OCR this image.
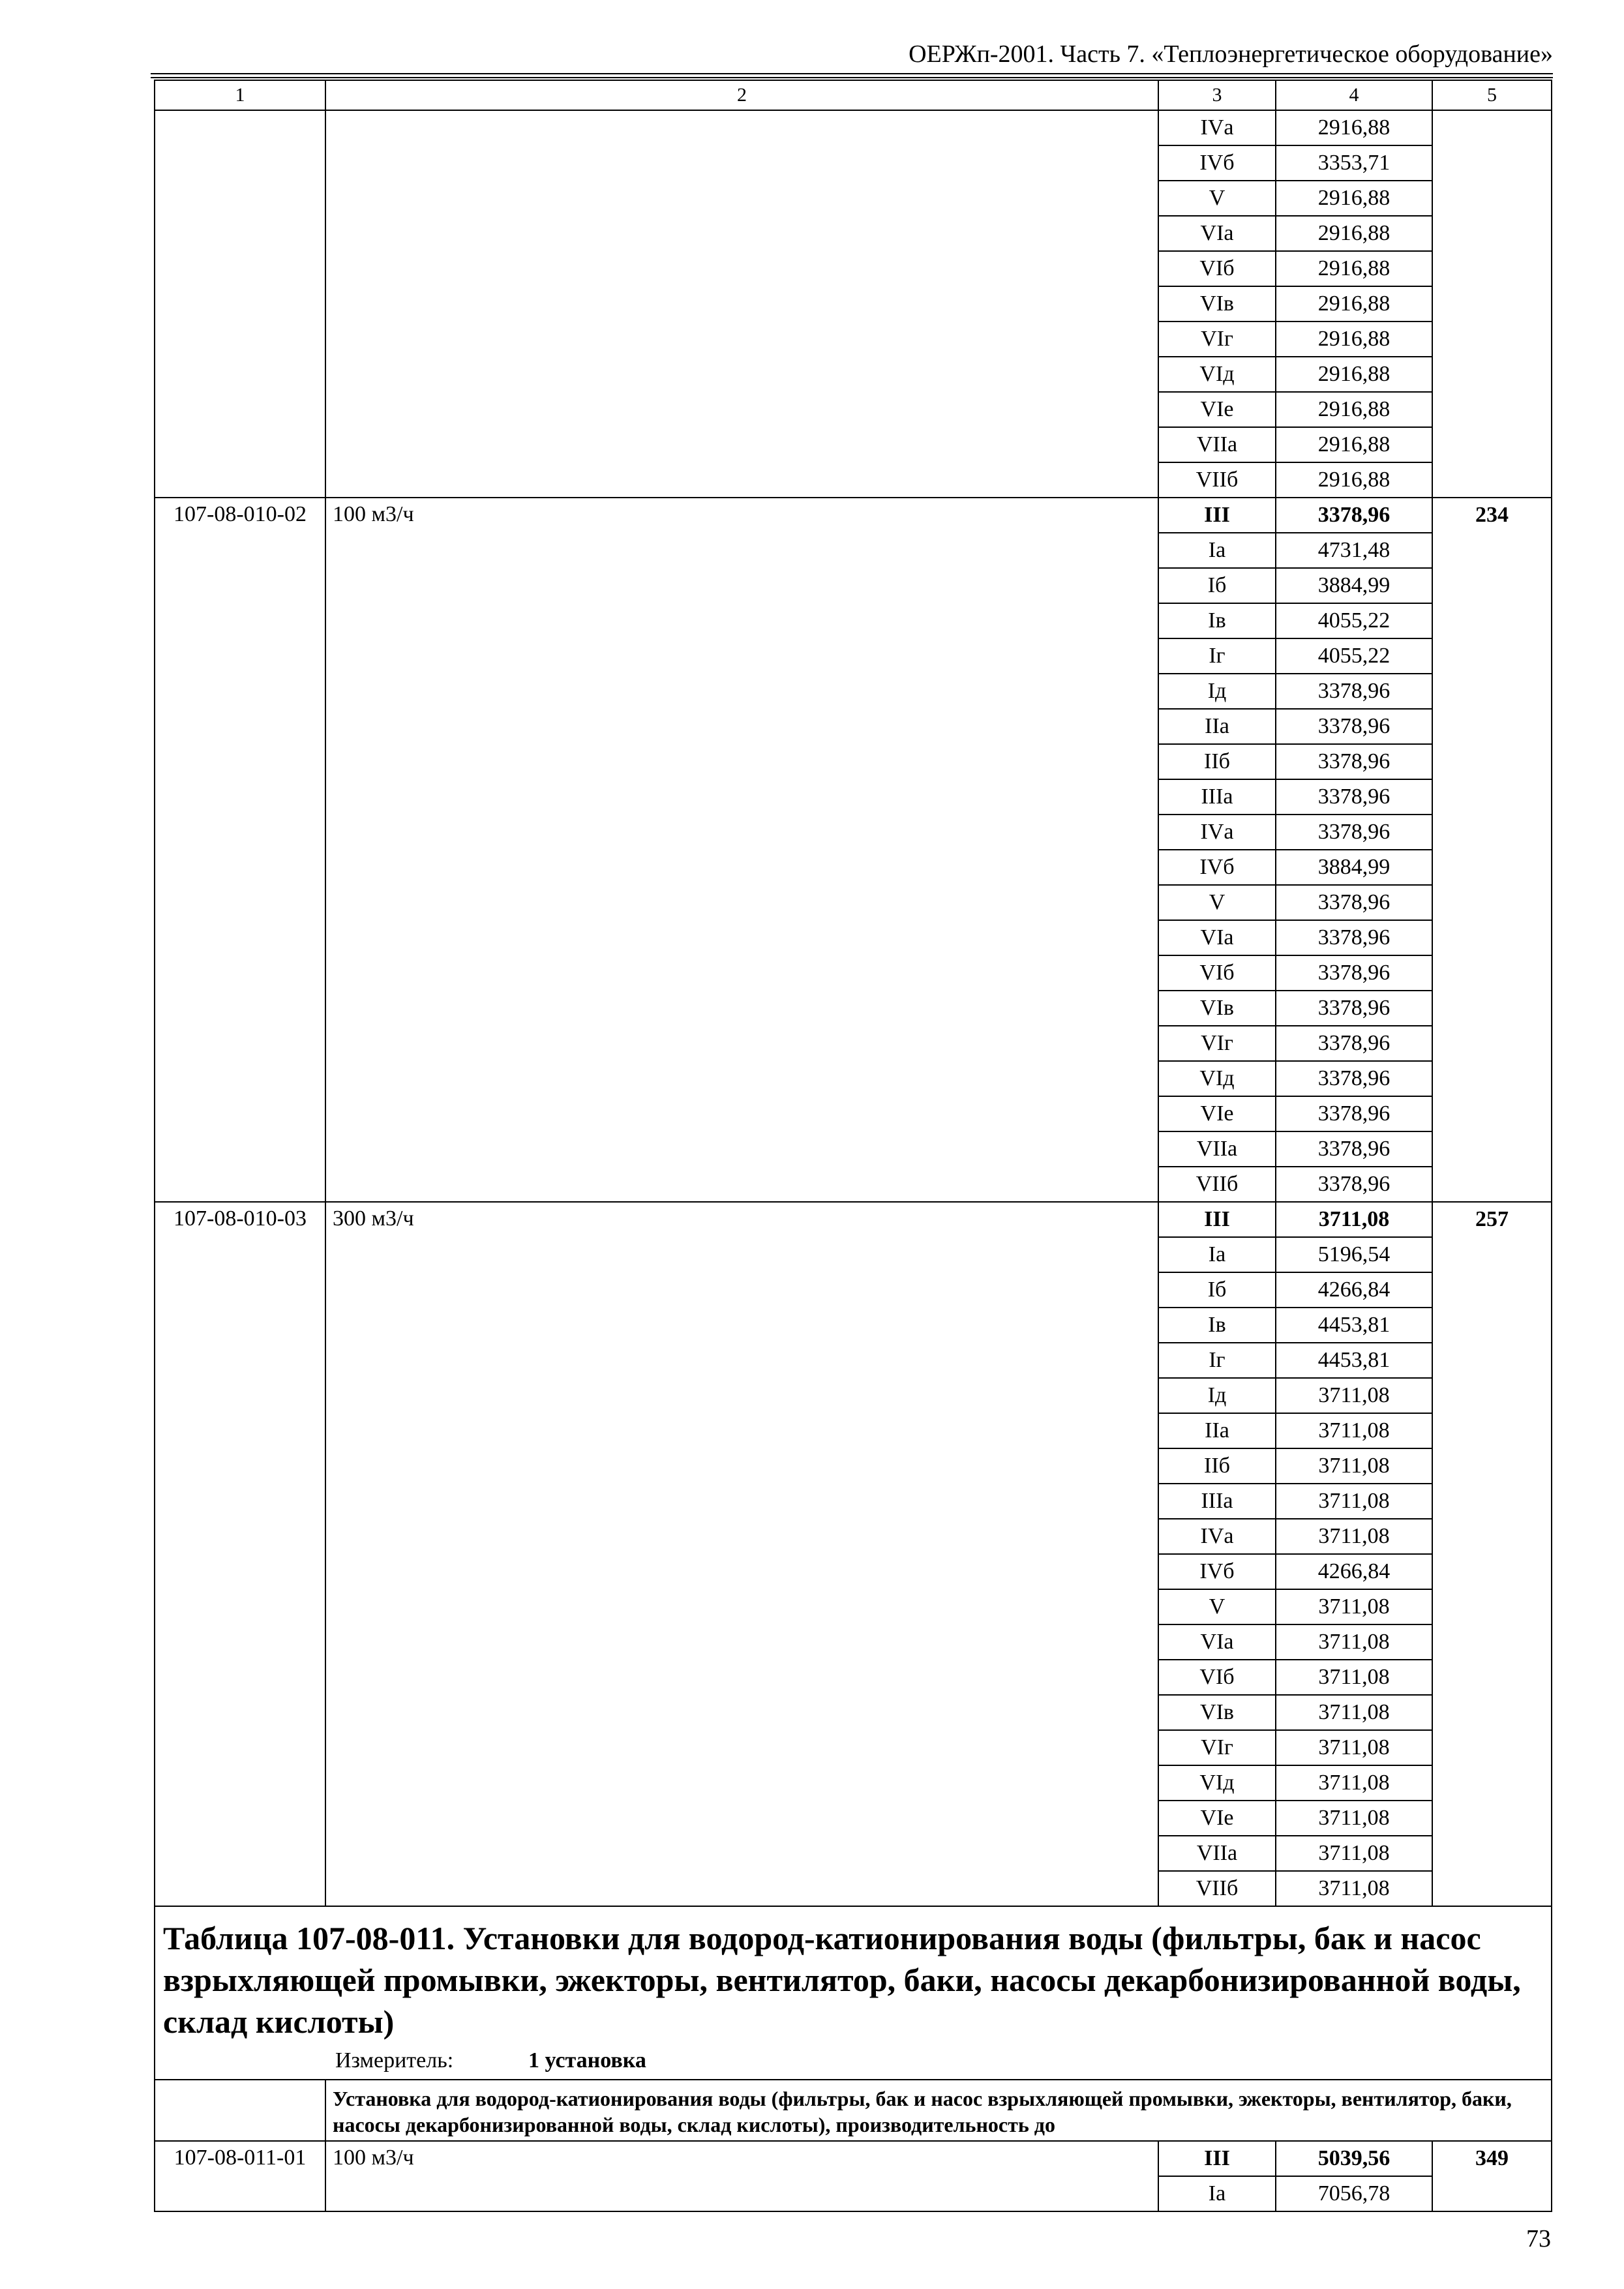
ОЕРЖп-2001. Часть 7. «Теплоэнергетическое оборудование»
1	2	3	4	5
		IVа	2916,88	
		IVб	3353,71	
		V	2916,88	
		VIа	2916,88	
		VIб	2916,88	
		VIв	2916,88	
		VIг	2916,88	
		VIд	2916,88	
		VIе	2916,88	
		VIIа	2916,88	
		VIIб	2916,88	
107-08-010-02	100 м3/ч	III	3378,96	234
		Iа	4731,48	
		Iб	3884,99	
		Iв	4055,22	
		Iг	4055,22	
		Iд	3378,96	
		IIа	3378,96	
		IIб	3378,96	
		IIIа	3378,96	
		IVа	3378,96	
		IVб	3884,99	
		V	3378,96	
		VIа	3378,96	
		VIб	3378,96	
		VIв	3378,96	
		VIг	3378,96	
		VIд	3378,96	
		VIе	3378,96	
		VIIа	3378,96	
		VIIб	3378,96	
107-08-010-03	300 м3/ч	III	3711,08	257
		Iа	5196,54	
		Iб	4266,84	
		Iв	4453,81	
		Iг	4453,81	
		Iд	3711,08	
		IIа	3711,08	
		IIб	3711,08	
		IIIа	3711,08	
		IVа	3711,08	
		IVб	4266,84	
		V	3711,08	
		VIа	3711,08	
		VIб	3711,08	
		VIв	3711,08	
		VIг	3711,08	
		VIд	3711,08	
		VIе	3711,08	
		VIIа	3711,08	
		VIIб	3711,08	

Таблица 107-08-011. Установки для водород-катионирования воды (фильтры, бак и насос взрыхляющей промывки, эжекторы, вентилятор, баки, насосы декарбонизированной воды, склад кислоты)
Измеритель: 1 установка				

	Установка для водород-катионирования воды (фильтры, бак и насос взрыхляющей промывки, эжекторы, вентилятор, баки, насосы декарбонизированной воды, склад кислоты), производительность до			
107-08-011-01	100 м3/ч	III	5039,56	349
		Iа	7056,78	
73
